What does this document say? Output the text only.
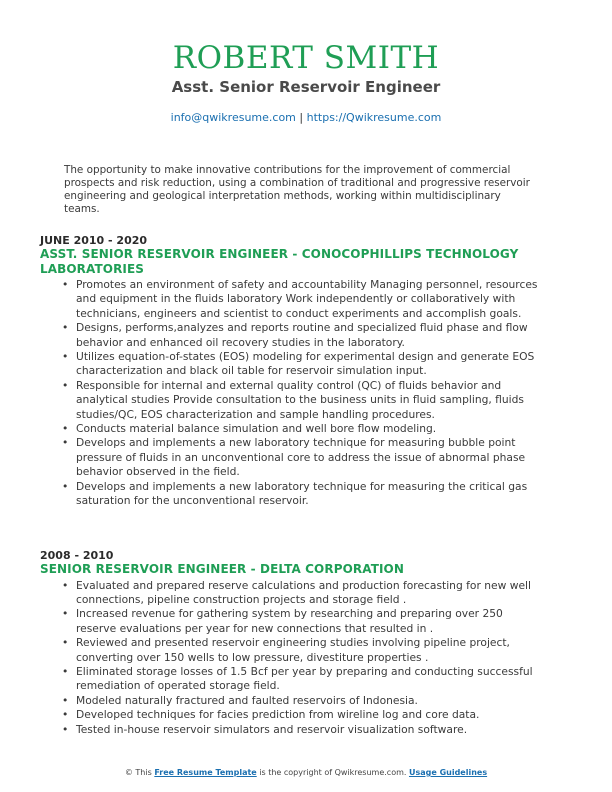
ROBERT SMITH
Asst. Senior Reservoir Engineer
info@qwikresume.com | https://Qwikresume.com
The opportunity to make innovative contributions for the improvement of commercial prospects and risk reduction, using a combination of traditional and progressive reservoir engineering and geological interpretation methods, working within multidisciplinary teams.
JUNE 2010 - 2020
ASST. SENIOR RESERVOIR ENGINEER - CONOCOPHILLIPS TECHNOLOGY LABORATORIES
• Promotes an environment of safety and accountability Managing personnel, resources and equipment in the fluids laboratory Work independently or collaboratively with technicians, engineers and scientist to conduct experiments and accomplish goals.
• Designs, performs,analyzes and reports routine and specialized fluid phase and flow behavior and enhanced oil recovery studies in the laboratory.
• Utilizes equation-of-states (EOS) modeling for experimental design and generate EOS characterization and black oil table for reservoir simulation input.
• Responsible for internal and external quality control (QC) of fluids behavior and analytical studies Provide consultation to the business units in fluid sampling, fluids studies/QC, EOS characterization and sample handling procedures.
• Conducts material balance simulation and well bore flow modeling.
• Develops and implements a new laboratory technique for measuring bubble point pressure of fluids in an unconventional core to address the issue of abnormal phase behavior observed in the field.
• Develops and implements a new laboratory technique for measuring the critical gas saturation for the unconventional reservoir.
2008 - 2010
SENIOR RESERVOIR ENGINEER - DELTA CORPORATION
• Evaluated and prepared reserve calculations and production forecasting for new well connections, pipeline construction projects and storage field .
• Increased revenue for gathering system by researching and preparing over 250 reserve evaluations per year for new connections that resulted in .
• Reviewed and presented reservoir engineering studies involving pipeline project, converting over 150 wells to low pressure, divestiture properties .
• Eliminated storage losses of 1.5 Bcf per year by preparing and conducting successful remediation of operated storage field.
• Modeled naturally fractured and faulted reservoirs of Indonesia.
• Developed techniques for facies prediction from wireline log and core data.
• Tested in-house reservoir simulators and reservoir visualization software.
© This Free Resume Template is the copyright of Qwikresume.com. Usage Guidelines
